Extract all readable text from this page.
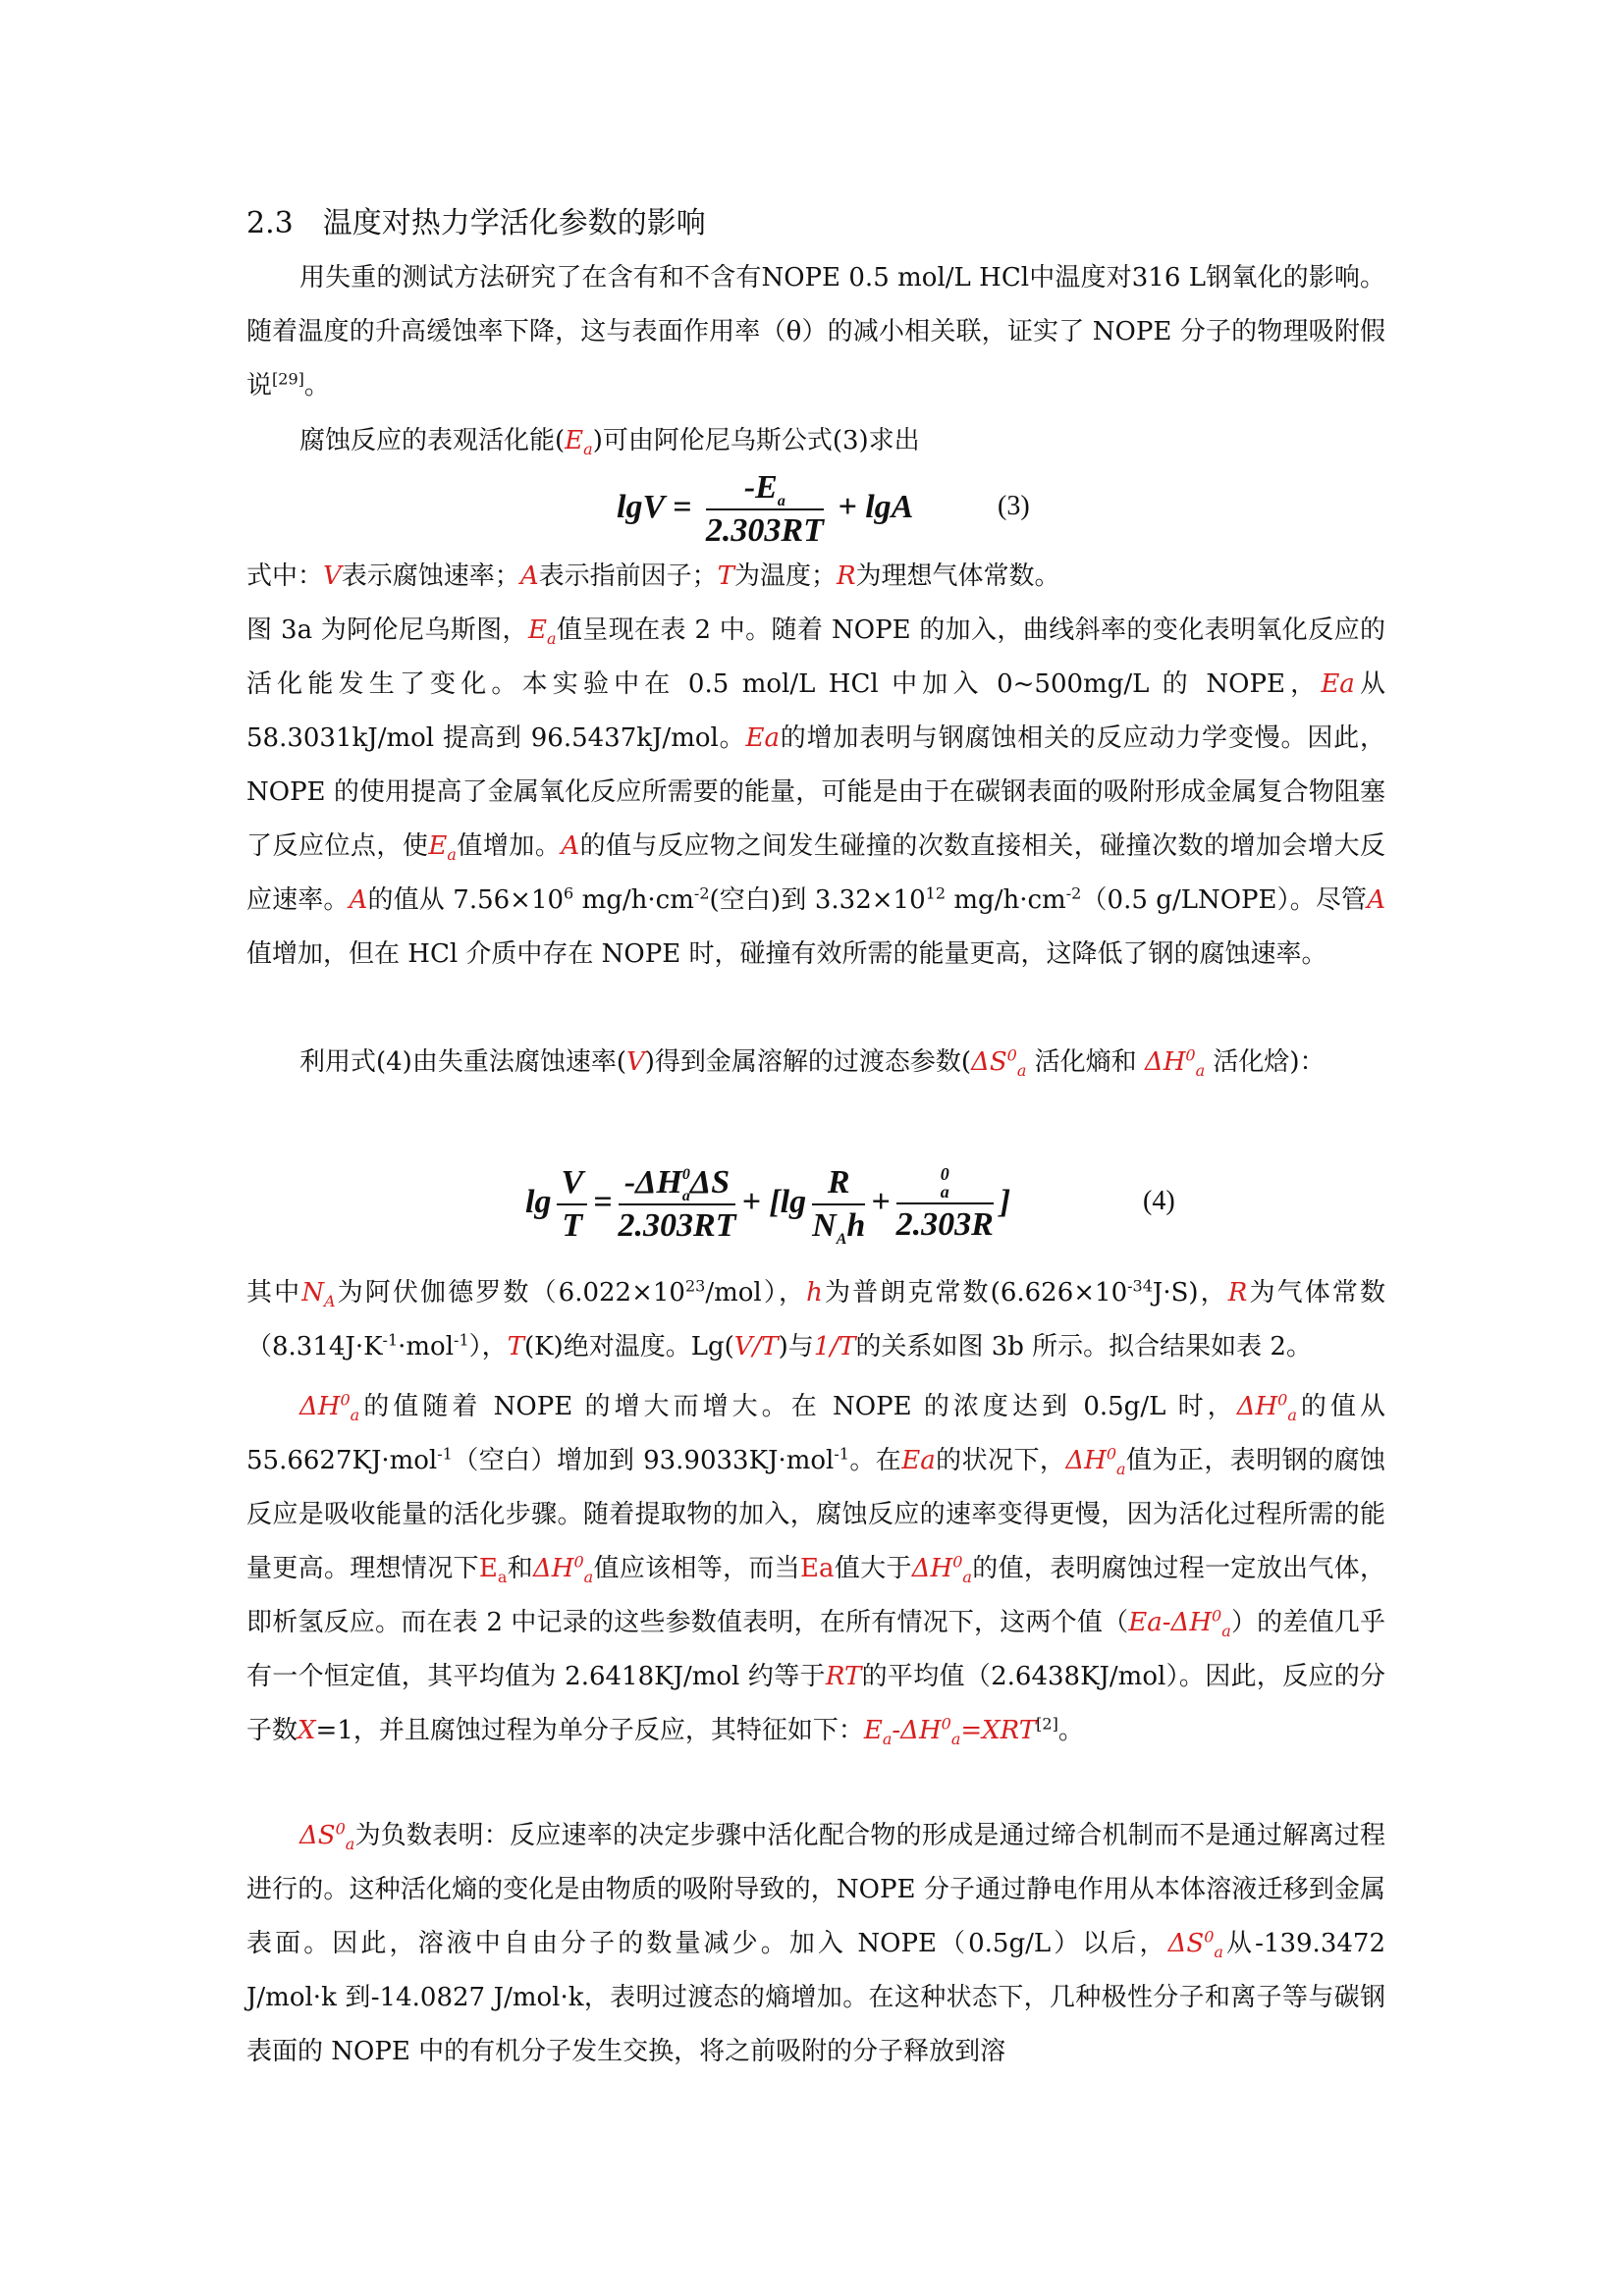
2.3 温度对热力学活化参数的影响
用失重的测试方法研究了在含有和不含有NOPE 0.5 mol/L HCl中温度对316 L钢氧化的影响。随着温度的升高缓蚀率下降，这与表面作用率（θ）的减小相关联，证实了 NOPE 分子的物理吸附假说[29]。
腐蚀反应的表观活化能$(E_a)$可由阿伦尼乌斯公式(3)求出
$\lg V = \frac{-E_a}{2.303RT} + \lg A$	(3)
式中：V表示腐蚀速率；A表示指前因子；T为温度；R为理想气体常数。
图 3a 为阿伦尼乌斯图，$E_a$值呈现在表 2 中。随着 NOPE 的加入，曲线斜率的变化表明氧化反应的活化能发生了变化。本实验中在 0.5 mol/L HCl 中加入 0~500mg/L 的 NOPE，Ea从 58.3031kJ/mol 提高到 96.5437kJ/mol。Ea的增加表明与钢腐蚀相关的反应动力学变慢。因此，NOPE 的使用提高了金属氧化反应所需要的能量，可能是由于在碳钢表面的吸附形成金属复合物阻塞了反应位点，使$E_a$值增加。A的值与反应物之间发生碰撞的次数直接相关，碰撞次数的增加会增大反应速率。A的值从 $7.56\times 10^6$ $mg/h\cdot cm^{-2}$(空白)到 $3.32\times 10^{12}$ $mg/h\cdot cm^{-2}(0.5$ g/LNOPE）。尽管A值增加，但在 HCl 介质中存在 NOPE 时，碰撞有效所需的能量更高，这降低了钢的腐蚀速率。
利用式(4)由失重法腐蚀速率(V)得到金属溶解的过渡态参数($\Delta S^0_a$ 活化熵和 $\Delta H^0_a$ 活化焓)：
$\lg \frac{V}{T} = \frac{-\Delta H^0_a\Delta S}{2.303RT} + [\lg \frac{R}{N_Ah} + 0$
a
2.303R ]	(4)
其中$N_A$为阿伏伽德罗数$(6.022\times 10^{23}/mol)$，h为普朗克常数$(6.626\times 10^{-34}J\cdot S)$，R为气体常数$(8.314J\cdot K^{-1}\cdot mol^{-1})$，T(K)绝对温度。Lg(V/T)与1/T的关系如图 3b 所示。拟合结果如表 2。
$\Delta H^0_a$的值随着 NOPE 的增大而增大。在 NOPE 的浓度达到 0.5g/L 时，$\Delta H^0_a$的值从 55.6627KJ·mol$^{-1}$（空白）增加到 93.9033KJ·mol$^{-1}$。在Ea的状况下，$\Delta H^0_a$值为正，表明钢的腐蚀反应是吸收能量的活化步骤。随着提取物的加入，腐蚀反应的速率变得更慢，因为活化过程所需的能量更高。理想情况下$E_a$和$\Delta H^0_a$值应该相等，而当Ea值大于$\Delta H^0_a$的值，表明腐蚀过程一定放出气体，即析氢反应。而在表 2 中记录的这些参数值表明，在所有情况下，这两个值$(Ea-\Delta H^0_a)$的差值几乎有一个恒定值，其平均值为 2.6418KJ/mol 约等于RT的平均值（2.6438KJ/mol）。因此，反应的分子数X=1，并且腐蚀过程为单分子反应，其特征如下：$E_a-\Delta H^0_a=XRT[2]$。
$\Delta S^0_a$为负数表明：反应速率的决定步骤中活化配合物的形成是通过缔合机制而不是通过解离过程进行的。这种活化熵的变化是由物质的吸附导致的，NOPE 分子通过静电作用从本体溶液迁移到金属表面。因此，溶液中自由分子的数量减少。加入 NOPE（0.5g/L）以后，$\Delta S^0_a$从-139.3472 J/mol·k 到-14.0827 J/mol·k，表明过渡态的熵增加。在这种状态下，几种极性分子和离子等与碳钢表面的 NOPE 中的有机分子发生交换，将之前吸附的分子释放到溶
